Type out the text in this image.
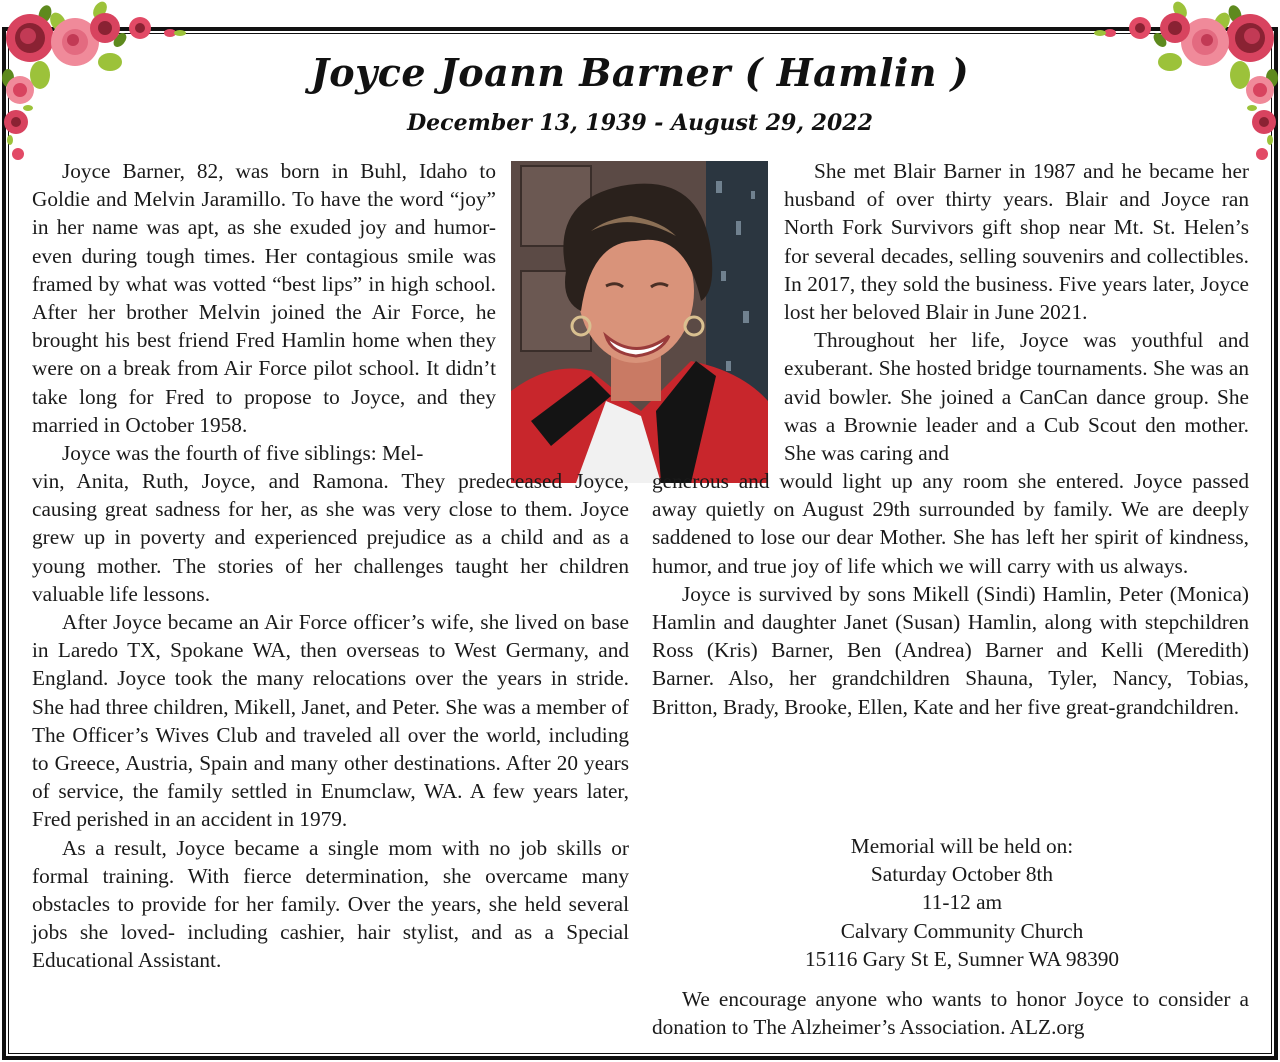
Joyce Joann Barner ( Hamlin )
December 13, 1939 - August 29, 2022

Joyce Barner, 82, was born in Buhl, Idaho to Goldie and Melvin Jaramillo. To have the word “joy” in her name was apt, as she exuded joy and humor- even during tough times. Her contagious smile was framed by what was votted “best lips” in high school. After her brother Melvin joined the Air Force, he brought his best friend Fred Hamlin home when they were on a break from Air Force pilot school. It didn’t take long for Fred to propose to Joyce, and they married in October 1958.

Joyce was the fourth of five siblings: Mel-

She met Blair Barner in 1987 and he became her husband of over thirty years. Blair and Joyce ran North Fork Survivors gift shop near Mt. St. Helen’s for several decades, selling souvenirs and collectibles. In 2017, they sold the business. Five years later, Joyce lost her beloved Blair in June 2021.

Throughout her life, Joyce was youthful and exuberant. She hosted bridge tournaments. She was an avid bowler. She joined a CanCan dance group. She was a Brownie leader and a Cub Scout den mother. She was caring and

vin, Anita, Ruth, Joyce, and Ramona. They predeceased Joyce, causing great sadness for her, as she was very close to them. Joyce grew up in poverty and experienced prejudice as a child and as a young mother. The stories of her challenges taught her children valuable life lessons.

After Joyce became an Air Force officer’s wife, she lived on base in Laredo TX, Spokane WA, then overseas to West Germany, and England. Joyce took the many relocations over the years in stride. She had three children, Mikell, Janet, and Peter. She was a member of The Officer’s Wives Club and traveled all over the world, including to Greece, Austria, Spain and many other destinations. After 20 years of service, the family settled in Enumclaw, WA. A few years later, Fred perished in an accident in 1979.

As a result, Joyce became a single mom with no job skills or formal training. With fierce determination, she overcame many obstacles to provide for her family. Over the years, she held several jobs she loved- including cashier, hair stylist, and as a Special Educational Assistant.

generous and would light up any room she entered. Joyce passed away quietly on August 29th surrounded by family. We are deeply saddened to lose our dear Mother. She has left her spirit of kindness, humor, and true joy of life which we will carry with us always.

Joyce is survived by sons Mikell (Sindi) Hamlin, Peter (Monica) Hamlin and daughter Janet (Susan) Hamlin, along with stepchildren Ross (Kris) Barner, Ben (Andrea) Barner and Kelli (Meredith) Barner. Also, her grandchildren Shauna, Tyler, Nancy, Tobias, Britton, Brady, Brooke, Ellen, Kate and her five great-grandchildren.

Memorial will be held on:
Saturday October 8th
11-12 am
Calvary Community Church
15116 Gary St E, Sumner WA 98390

We encourage anyone who wants to honor Joyce to consider a donation to The Alzheimer’s Association. ALZ.org
